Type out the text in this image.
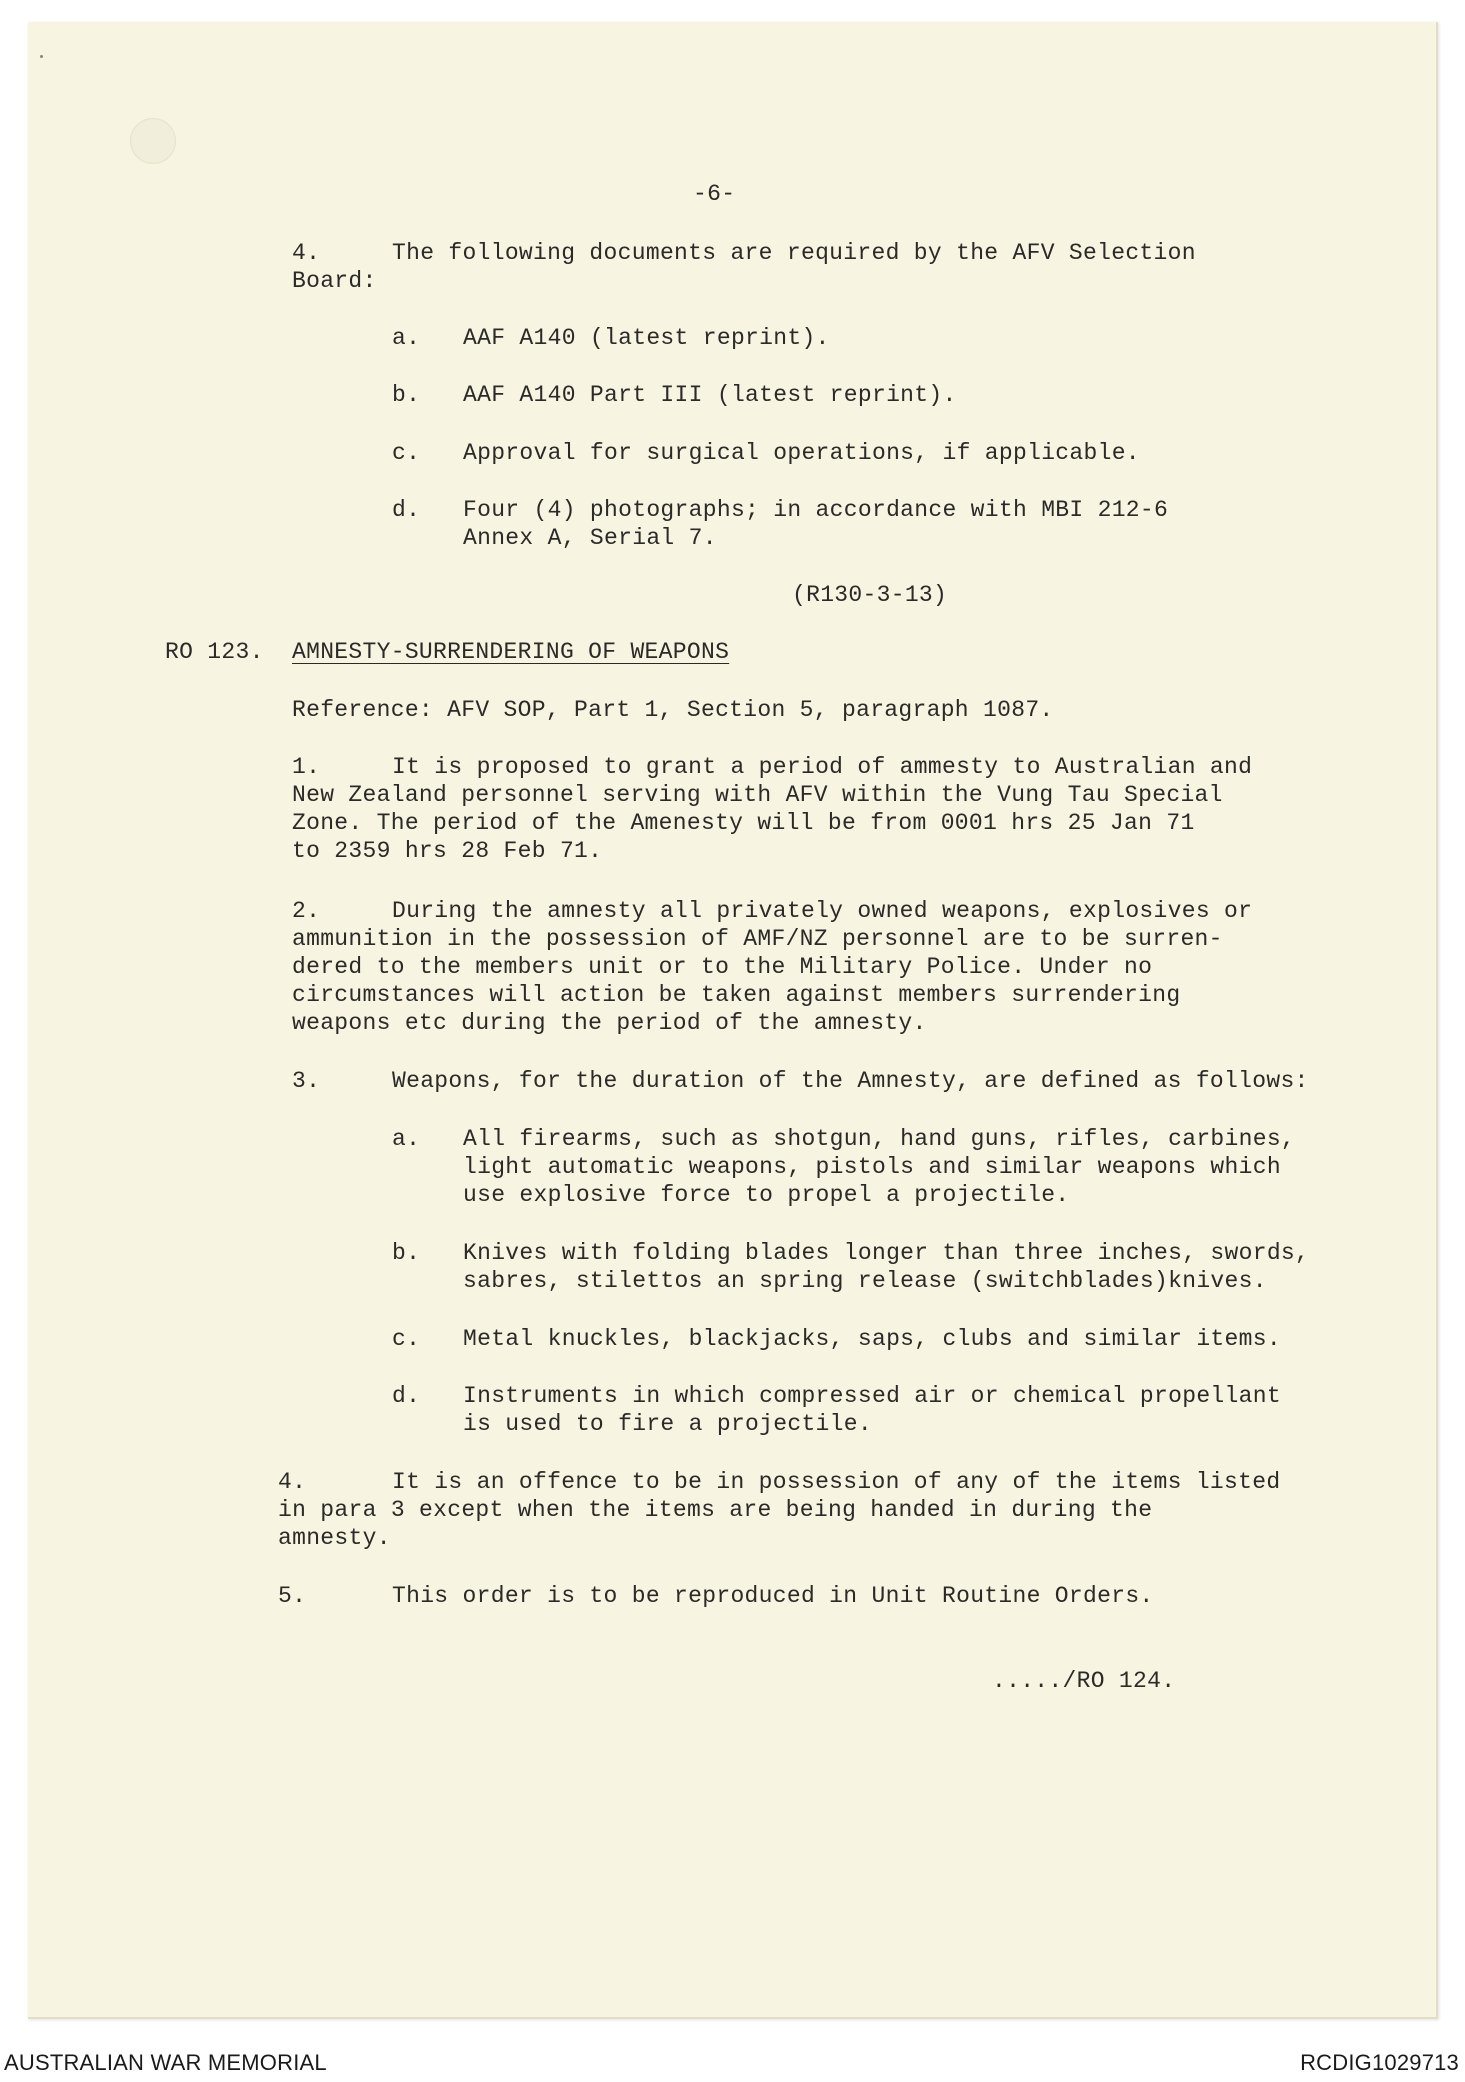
-6-
4.	The following documents are required by the AFV Selection
Board:
a. AAF A140 (latest reprint).
b. AAF A140 Part III (latest reprint).
c. Approval for surgical operations, if applicable.
d. Four (4) photographs; in accordance with MBI 212-6
Annex A, Serial 7.
(R130-3-13)
RO 123. AMNESTY-SURRENDERING OF WEAPONS
Reference: AFV SOP, Part 1, Section 5, paragraph 1087.
1.	It is proposed to grant a period of ammesty to Australian and
New Zealand personnel serving with AFV within the Vung Tau Special
Zone. The period of the Amenesty will be from 0001 hrs 25 Jan 71
to 2359 hrs 28 Feb 71.
2.	During the amnesty all privately owned weapons, explosives or
ammunition in the possession of AMF/NZ personnel are to be surren-
dered to the members unit or to the Military Police. Under no
circumstances will action be taken against members surrendering
weapons etc during the period of the amnesty.
3.	Weapons, for the duration of the Amnesty, are defined as follows:
a. All firearms, such as shotgun, hand guns, rifles, carbines,
light automatic weapons, pistols and similar weapons which
use explosive force to propel a projectile.
b. Knives with folding blades longer than three inches, swords,
sabres, stilettos an spring release (switchblades)knives.
c. Metal knuckles, blackjacks, saps, clubs and similar items.
d. Instruments in which compressed air or chemical propellant
is used to fire a projectile.
4.	It is an offence to be in possession of any of the items listed
in para 3 except when the items are being handed in during the
amnesty.
5.	This order is to be reproduced in Unit Routine Orders.
...../RO 124.
AUSTRALIAN WAR MEMORIAL	RCDIG1029713
